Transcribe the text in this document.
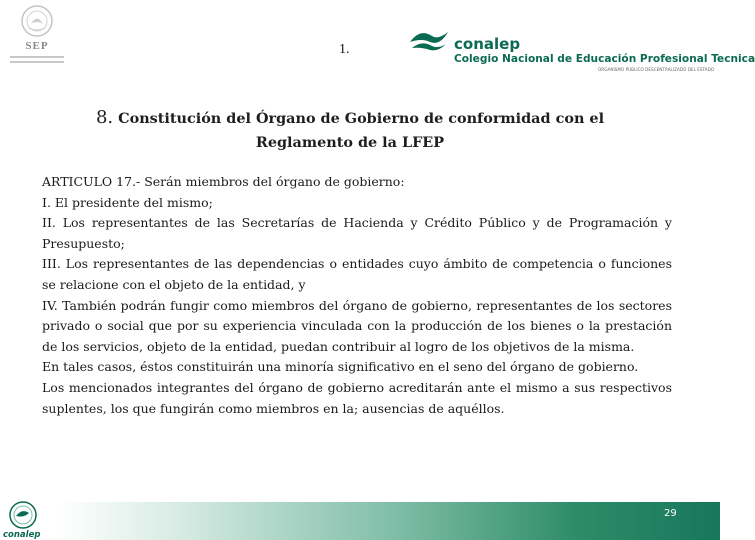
SEP	1.	conalep
Colegio Nacional de Educación Profesional Tecnica
ORGANISMO PÚBLICO DESCENTRALIZADO DEL ESTADO
8. Constitución del Órgano de Gobierno de conformidad con el
Reglamento de la LFEP

ARTICULO 17.- Serán miembros del órgano de gobierno:

I. El presidente del mismo;

II. Los representantes de las Secretarías de Hacienda y Crédito Público y de Programación y Presupuesto;

III. Los representantes de las dependencias o entidades cuyo ámbito de competencia o funciones se relacione con el objeto de la entidad, y

IV. También podrán fungir como miembros del órgano de gobierno, representantes de los sectores privado o social que por su experiencia vinculada con la producción de los bienes o la prestación de los servicios, objeto de la entidad, puedan contribuir al logro de los objetivos de la misma.

En tales casos, éstos constituirán una minoría significativo en el seno del órgano de gobierno.

Los mencionados integrantes del órgano de gobierno acreditarán ante el mismo a sus respectivos suplentes, los que fungirán como miembros en la; ausencias de aquéllos.

29
conalep
